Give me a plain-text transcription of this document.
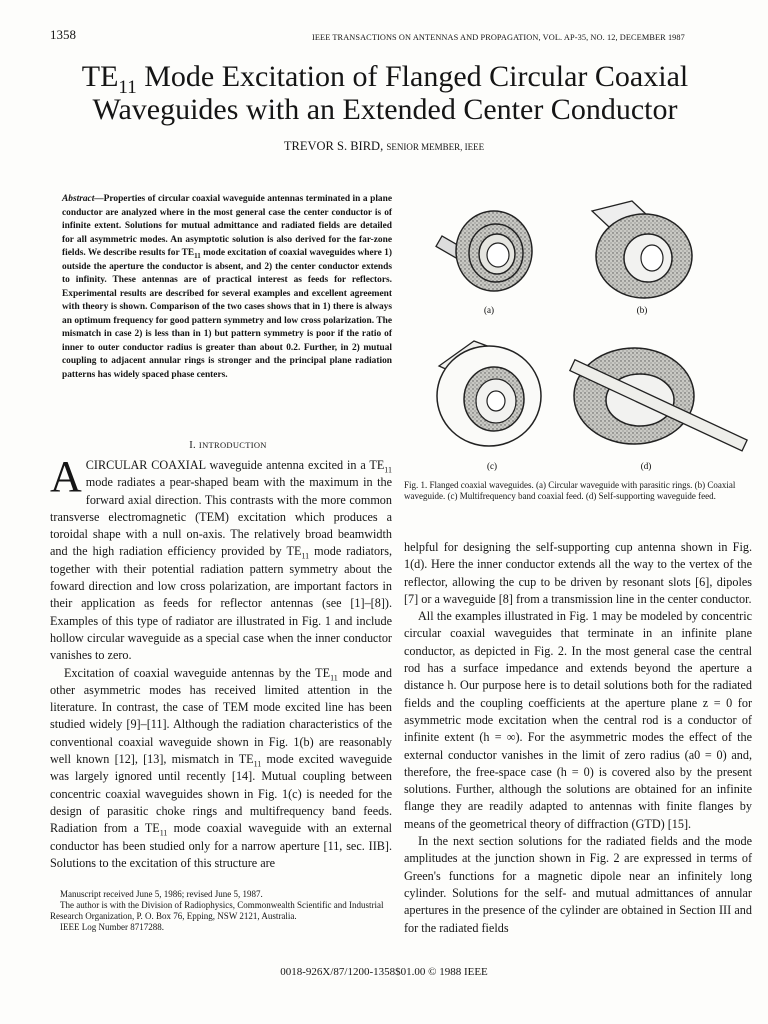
1358	IEEE TRANSACTIONS ON ANTENNAS AND PROPAGATION, VOL. AP-35, NO. 12, DECEMBER 1987
$TE_{11}$ Mode Excitation of Flanged Circular Coaxial
Waveguides with an Extended Center Conductor
TREVOR S. BIRD, SENIOR MEMBER, IEEE
Abstract—Properties of circular coaxial waveguide antennas terminated in a plane conductor are analyzed where in the most general case the center conductor is of infinite extent. Solutions for mutual admittance and radiated fields are detailed for all asymmetric modes. An asymptotic solution is also derived for the far-zone fields. We describe results for $TE_{11}$ mode excitation of coaxial waveguides where 1) outside the aperture the conductor is absent, and 2) the center conductor extends to infinity. These antennas are of practical interest as feeds for reflectors. Experimental results are described for several examples and excellent agreement with theory is shown. Comparison of the two cases shows that in 1) there is always an optimum frequency for good pattern symmetry and low cross polarization. The mismatch in case 2) is less than in 1) but pattern symmetry is poor if the ratio of inner to outer conductor radius is greater than about 0.2. Further, in 2) mutual coupling to adjacent annular rings is stronger and the principal plane radiation patterns has widely spaced phase centers.
I. INTRODUCTION

ACIRCULAR COAXIAL waveguide antenna excited in a $TE_{11}$ mode radiates a pear-shaped beam with the maximum in the forward axial direction. This contrasts with the more common transverse electromagnetic (TEM) excitation which produces a toroidal shape with a null on-axis. The relatively broad beamwidth and the high radiation efficiency provided by $TE_{11}$ mode radiators, together with their potential radiation pattern symmetry about the foward direction and low cross polarization, are important factors in their application as feeds for reflector antennas (see [1]–[8]). Examples of this type of radiator are illustrated in Fig. 1 and include hollow circular waveguide as a special case when the inner conductor vanishes to zero.

Excitation of coaxial waveguide antennas by the $TE_{11}$ mode and other asymmetric modes has received limited attention in the literature. In contrast, the case of TEM mode excited line has been studied widely [9]–[11]. Although the radiation characteristics of the conventional coaxial waveguide shown in Fig. 1(b) are reasonably well known [12], [13], mismatch in $TE_{11}$ mode excited waveguide was largely ignored until recently [14]. Mutual coupling between concentric coaxial waveguides shown in Fig. 1(c) is needed for the design of parasitic choke rings and multifrequency band feeds. Radiation from a $TE_{11}$ mode coaxial waveguide with an external conductor has been studied only for a narrow aperture [11, sec. IIB]. Solutions to the excitation of this structure are

Manuscript received June 5, 1986; revised June 5, 1987.

The author is with the Division of Radiophysics, Commonwealth Scientific and Industrial Research Organization, P. O. Box 76, Epping, NSW 2121, Australia.

IEEE Log Number 8717288.

(a)	(b)
(c)	(d)
Fig. 1. Flanged coaxial waveguides. (a) Circular waveguide with parasitic rings. (b) Coaxial waveguide. (c) Multifrequency band coaxial feed. (d) Self-supporting waveguide feed.

helpful for designing the self-supporting cup antenna shown in Fig. 1(d). Here the inner conductor extends all the way to the vertex of the reflector, allowing the cup to be driven by resonant slots [6], dipoles [7] or a waveguide [8] from a transmission line in the center conductor.

All the examples illustrated in Fig. 1 may be modeled by concentric circular coaxial waveguides that terminate in an infinite plane conductor, as depicted in Fig. 2. In the most general case the central rod has a surface impedance and extends beyond the aperture a distance h. Our purpose here is to detail solutions both for the radiated fields and the coupling coefficients at the aperture plane z = 0 for asymmetric mode excitation when the central rod is a conductor of infinite extent (h = ∞). For the asymmetric modes the effect of the external conductor vanishes in the limit of zero radius (a0 = 0) and, therefore, the free-space case (h = 0) is covered also by the present solutions. Further, although the solutions are obtained for an infinite flange they are readily adapted to antennas with finite flanges by means of the geometrical theory of diffraction (GTD) [15].

In the next section solutions for the radiated fields and the mode amplitudes at the junction shown in Fig. 2 are expressed in terms of Green's functions for a magnetic dipole near an infinitely long cylinder. Solutions for the self- and mutual admittances of annular apertures in the presence of the cylinder are obtained in Section III and for the radiated fields

0018-926X/87/1200-1358$01.00 © 1988 IEEE
